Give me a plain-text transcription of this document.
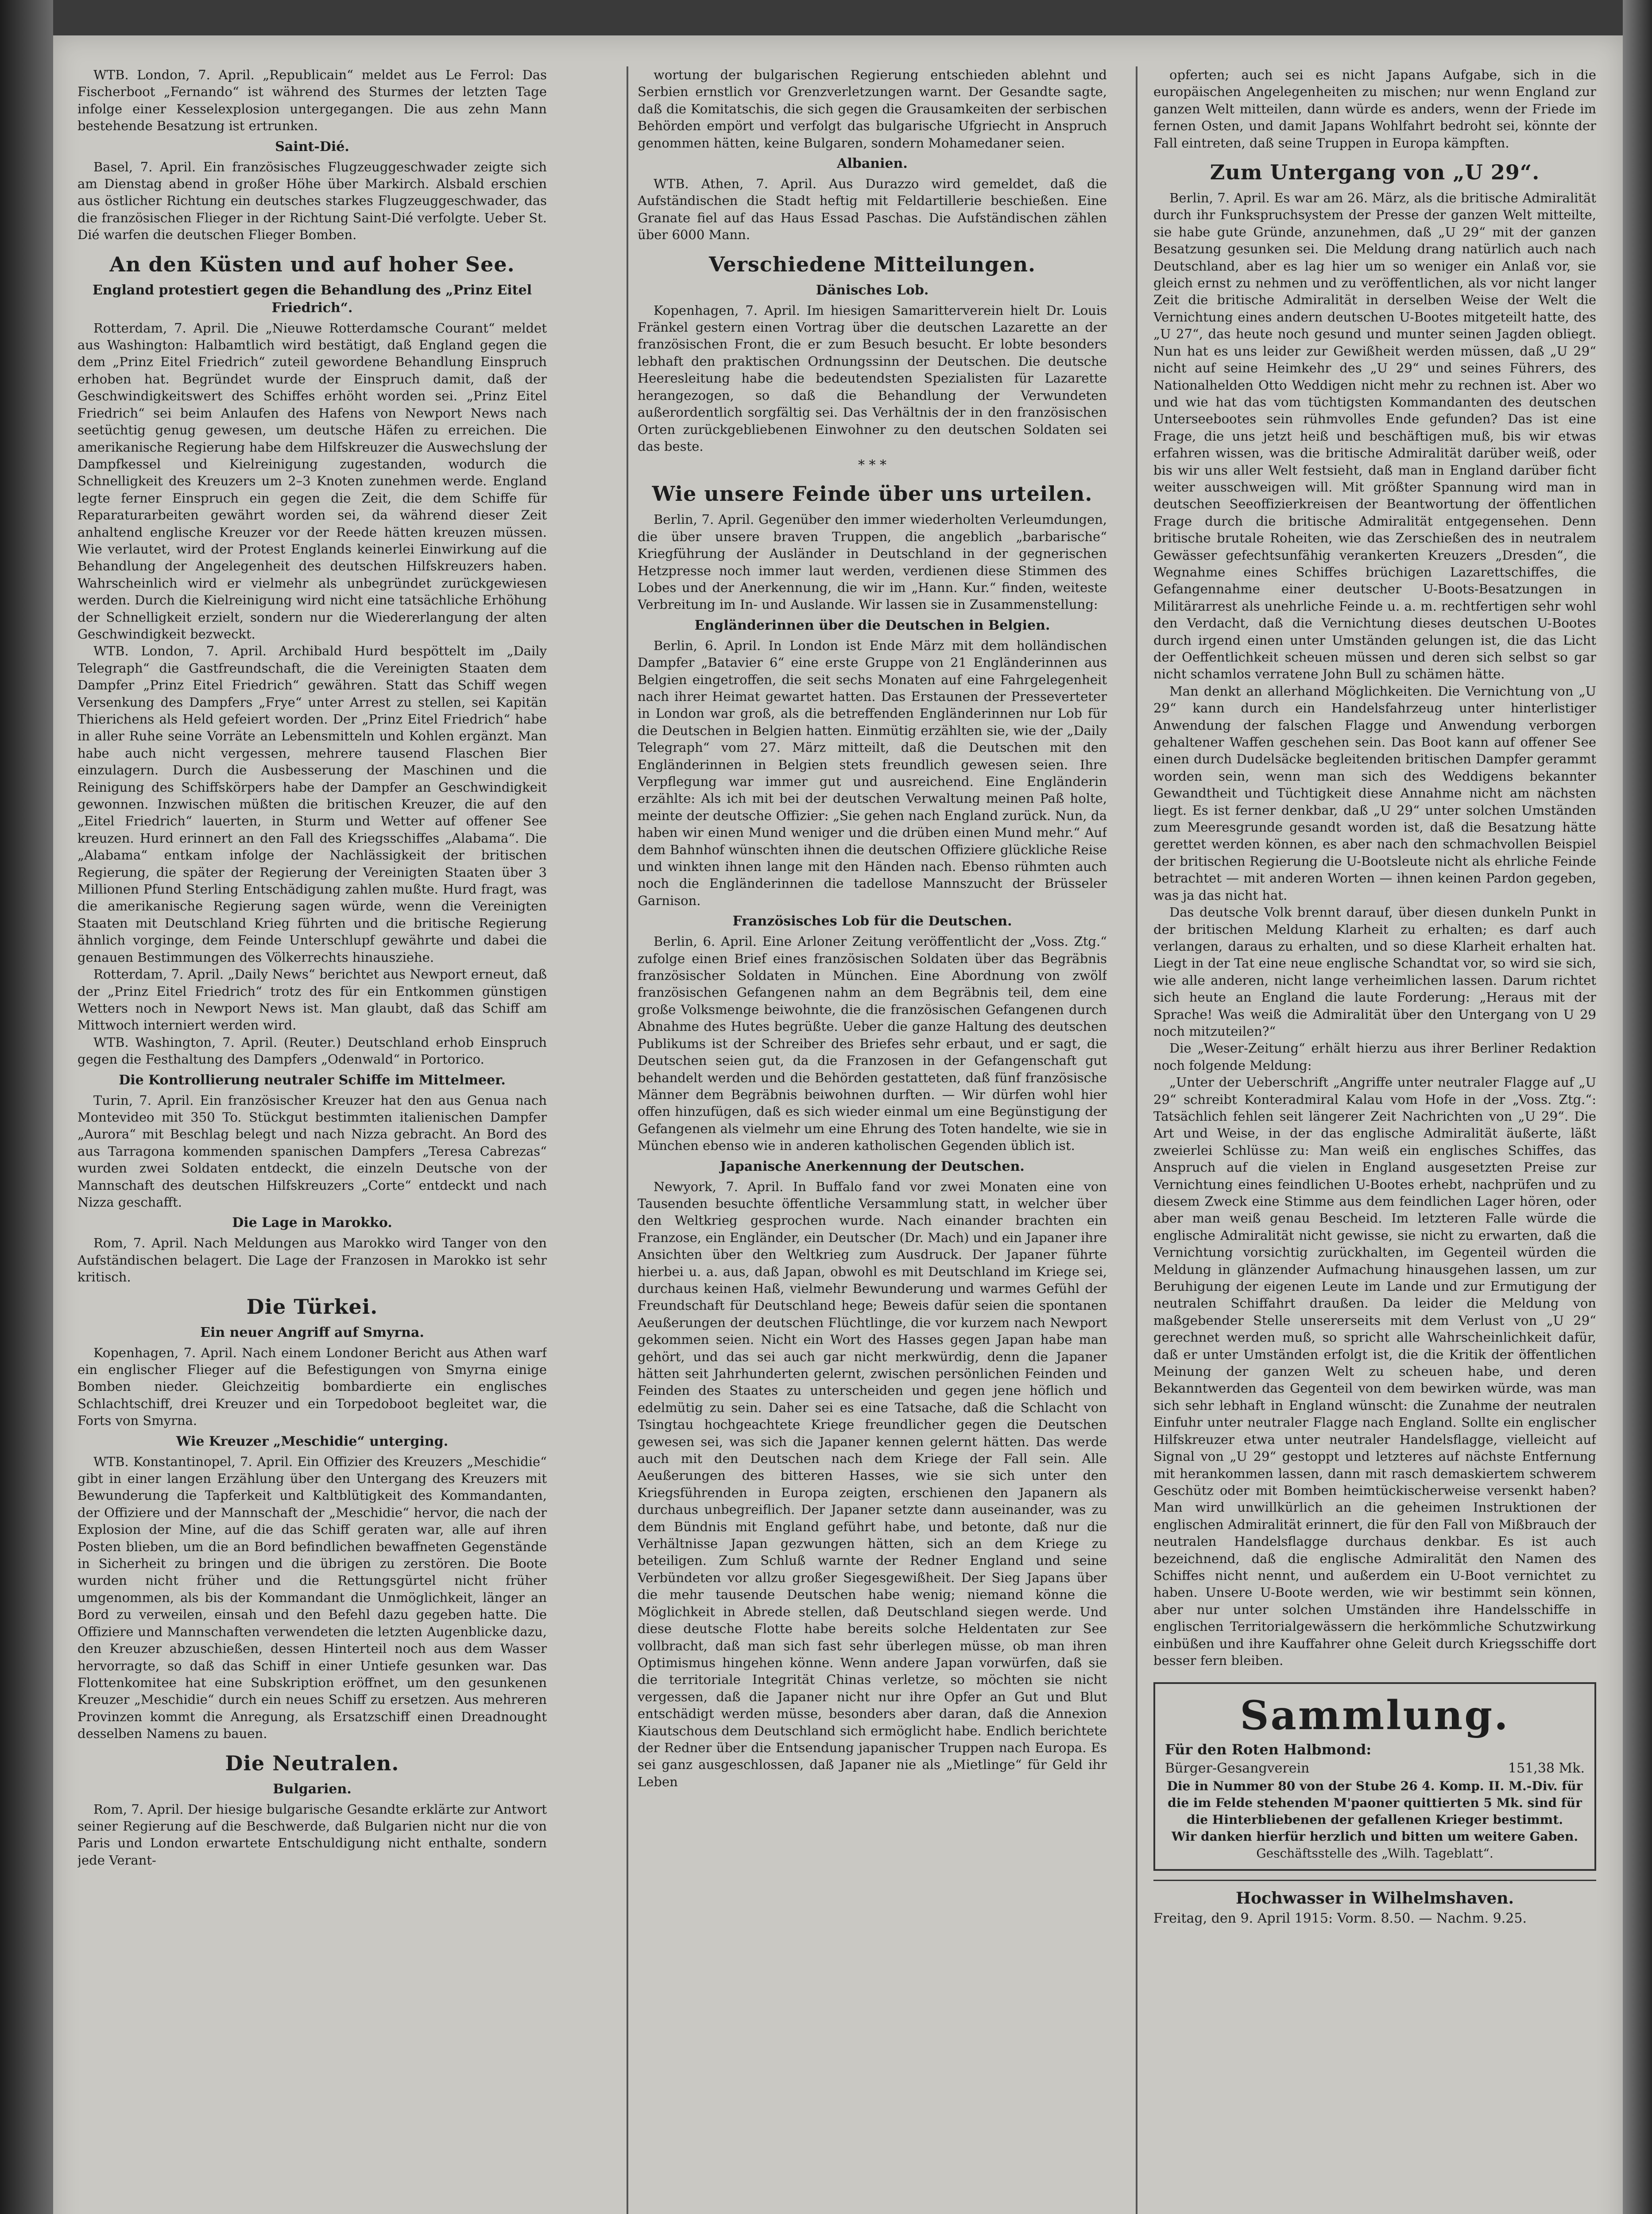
WTB. London, 7. April. „Republicain“ meldet aus Le Ferrol: Das Fischerboot „Fernando“ ist während des Sturmes der letzten Tage infolge einer Kesselexplosion untergegangen. Die aus zehn Mann bestehende Besatzung ist ertrunken.
Saint-Dié.
Basel, 7. April. Ein französisches Flugzeuggeschwader zeigte sich am Dienstag abend in großer Höhe über Markirch. Alsbald erschien aus östlicher Richtung ein deutsches starkes Flugzeuggeschwader, das die französischen Flieger in der Richtung Saint-Dié verfolgte. Ueber St. Dié warfen die deutschen Flieger Bomben.
An den Küsten und auf hoher See.
England protestiert gegen die Behandlung des „Prinz Eitel Friedrich“.
Rotterdam, 7. April. Die „Nieuwe Rotterdamsche Courant“ meldet aus Washington: Halbamtlich wird bestätigt, daß England gegen die dem „Prinz Eitel Friedrich“ zuteil gewordene Behandlung Einspruch erhoben hat. Begründet wurde der Einspruch damit, daß der Geschwindigkeitswert des Schiffes erhöht worden sei. „Prinz Eitel Friedrich“ sei beim Anlaufen des Hafens von Newport News nach seetüchtig genug gewesen, um deutsche Häfen zu erreichen. Die amerikanische Regierung habe dem Hilfskreuzer die Auswechslung der Dampfkessel und Kielreinigung zugestanden, wodurch die Schnelligkeit des Kreuzers um 2–3 Knoten zunehmen werde. England legte ferner Einspruch ein gegen die Zeit, die dem Schiffe für Reparaturarbeiten gewährt worden sei, da während dieser Zeit anhaltend englische Kreuzer vor der Reede hätten kreuzen müssen. Wie verlautet, wird der Protest Englands keinerlei Einwirkung auf die Behandlung der Angelegenheit des deutschen Hilfskreuzers haben. Wahrscheinlich wird er vielmehr als unbegründet zurückgewiesen werden. Durch die Kielreinigung wird nicht eine tatsächliche Erhöhung der Schnelligkeit erzielt, sondern nur die Wiedererlangung der alten Geschwindigkeit bezweckt.
WTB. London, 7. April. Archibald Hurd bespöttelt im „Daily Telegraph“ die Gastfreundschaft, die die Vereinigten Staaten dem Dampfer „Prinz Eitel Friedrich“ gewähren. Statt das Schiff wegen Versenkung des Dampfers „Frye“ unter Arrest zu stellen, sei Kapitän Thierichens als Held gefeiert worden. Der „Prinz Eitel Friedrich“ habe in aller Ruhe seine Vorräte an Lebensmitteln und Kohlen ergänzt. Man habe auch nicht vergessen, mehrere tausend Flaschen Bier einzulagern. Durch die Ausbesserung der Maschinen und die Reinigung des Schiffskörpers habe der Dampfer an Geschwindigkeit gewonnen. Inzwischen müßten die britischen Kreuzer, die auf den „Eitel Friedrich“ lauerten, in Sturm und Wetter auf offener See kreuzen. Hurd erinnert an den Fall des Kriegsschiffes „Alabama“. Die „Alabama“ entkam infolge der Nachlässigkeit der britischen Regierung, die später der Regierung der Vereinigten Staaten über 3 Millionen Pfund Sterling Entschädigung zahlen mußte. Hurd fragt, was die amerikanische Regierung sagen würde, wenn die Vereinigten Staaten mit Deutschland Krieg führten und die britische Regierung ähnlich vorginge, dem Feinde Unterschlupf gewährte und dabei die genauen Bestimmungen des Völkerrechts hinausziehe.
Rotterdam, 7. April. „Daily News“ berichtet aus Newport erneut, daß der „Prinz Eitel Friedrich“ trotz des für ein Entkommen günstigen Wetters noch in Newport News ist. Man glaubt, daß das Schiff am Mittwoch interniert werden wird.
WTB. Washington, 7. April. (Reuter.) Deutschland erhob Einspruch gegen die Festhaltung des Dampfers „Odenwald“ in Portorico.
Die Kontrollierung neutraler Schiffe im Mittelmeer.
Turin, 7. April. Ein französischer Kreuzer hat den aus Genua nach Montevideo mit 350 To. Stückgut bestimmten italienischen Dampfer „Aurora“ mit Beschlag belegt und nach Nizza gebracht. An Bord des aus Tarragona kommenden spanischen Dampfers „Teresa Cabrezas“ wurden zwei Soldaten entdeckt, die einzeln Deutsche von der Mannschaft des deutschen Hilfskreuzers „Corte“ entdeckt und nach Nizza geschafft.
Die Lage in Marokko.
Rom, 7. April. Nach Meldungen aus Marokko wird Tanger von den Aufständischen belagert. Die Lage der Franzosen in Marokko ist sehr kritisch.
Die Türkei.
Ein neuer Angriff auf Smyrna.
Kopenhagen, 7. April. Nach einem Londoner Bericht aus Athen warf ein englischer Flieger auf die Befestigungen von Smyrna einige Bomben nieder. Gleichzeitig bombardierte ein englisches Schlachtschiff, drei Kreuzer und ein Torpedoboot begleitet war, die Forts von Smyrna.
Wie Kreuzer „Meschidie“ unterging.
WTB. Konstantinopel, 7. April. Ein Offizier des Kreuzers „Meschidie“ gibt in einer langen Erzählung über den Untergang des Kreuzers mit Bewunderung die Tapferkeit und Kaltblütigkeit des Kommandanten, der Offiziere und der Mannschaft der „Meschidie“ hervor, die nach der Explosion der Mine, auf die das Schiff geraten war, alle auf ihren Posten blieben, um die an Bord befindlichen bewaffneten Gegenstände in Sicherheit zu bringen und die übrigen zu zerstören. Die Boote wurden nicht früher und die Rettungsgürtel nicht früher umgenommen, als bis der Kommandant die Unmöglichkeit, länger an Bord zu verweilen, einsah und den Befehl dazu gegeben hatte. Die Offiziere und Mannschaften verwendeten die letzten Augenblicke dazu, den Kreuzer abzuschießen, dessen Hinterteil noch aus dem Wasser hervorragte, so daß das Schiff in einer Untiefe gesunken war. Das Flottenkomitee hat eine Subskription eröffnet, um den gesunkenen Kreuzer „Meschidie“ durch ein neues Schiff zu ersetzen. Aus mehreren Provinzen kommt die Anregung, als Ersatzschiff einen Dreadnought desselben Namens zu bauen.
Die Neutralen.
Bulgarien.
Rom, 7. April. Der hiesige bulgarische Gesandte erklärte zur Antwort seiner Regierung auf die Beschwerde, daß Bulgarien nicht nur die von Paris und London erwartete Entschuldigung nicht enthalte, sondern jede Verant-
wortung der bulgarischen Regierung entschieden ablehnt und Serbien ernstlich vor Grenzverletzungen warnt. Der Gesandte sagte, daß die Komitatschis, die sich gegen die Grausamkeiten der serbischen Behörden empört und verfolgt das bulgarische Ufgriecht in Anspruch genommen hätten, keine Bulgaren, sondern Mohamedaner seien.
Albanien.
WTB. Athen, 7. April. Aus Durazzo wird gemeldet, daß die Aufständischen die Stadt heftig mit Feldartillerie beschießen. Eine Granate fiel auf das Haus Essad Paschas. Die Aufständischen zählen über 6000 Mann.
Verschiedene Mitteilungen.
Dänisches Lob.
Kopenhagen, 7. April. Im hiesigen Samaritterverein hielt Dr. Louis Fränkel gestern einen Vortrag über die deutschen Lazarette an der französischen Front, die er zum Besuch besucht. Er lobte besonders lebhaft den praktischen Ordnungssinn der Deutschen. Die deutsche Heeresleitung habe die bedeutendsten Spezialisten für Lazarette herangezogen, so daß die Behandlung der Verwundeten außerordentlich sorgfältig sei. Das Verhältnis der in den französischen Orten zurückgebliebenen Einwohner zu den deutschen Soldaten sei das beste.
* * *
Wie unsere Feinde über uns urteilen.
Berlin, 7. April. Gegenüber den immer wiederholten Verleumdungen, die über unsere braven Truppen, die angeblich „barbarische“ Kriegführung der Ausländer in Deutschland in der gegnerischen Hetzpresse noch immer laut werden, verdienen diese Stimmen des Lobes und der Anerkennung, die wir im „Hann. Kur.“ finden, weiteste Verbreitung im In- und Auslande. Wir lassen sie in Zusammenstellung:
Engländerinnen über die Deutschen in Belgien.
Berlin, 6. April. In London ist Ende März mit dem holländischen Dampfer „Batavier 6“ eine erste Gruppe von 21 Engländerinnen aus Belgien eingetroffen, die seit sechs Monaten auf eine Fahrgelegenheit nach ihrer Heimat gewartet hatten. Das Erstaunen der Presseverteter in London war groß, als die betreffenden Engländerinnen nur Lob für die Deutschen in Belgien hatten. Einmütig erzählten sie, wie der „Daily Telegraph“ vom 27. März mitteilt, daß die Deutschen mit den Engländerinnen in Belgien stets freundlich gewesen seien. Ihre Verpflegung war immer gut und ausreichend. Eine Engländerin erzählte: Als ich mit bei der deutschen Verwaltung meinen Paß holte, meinte der deutsche Offizier: „Sie gehen nach England zurück. Nun, da haben wir einen Mund weniger und die drüben einen Mund mehr.“ Auf dem Bahnhof wünschten ihnen die deutschen Offiziere glückliche Reise und winkten ihnen lange mit den Händen nach. Ebenso rühmten auch noch die Engländerinnen die tadellose Mannszucht der Brüsseler Garnison.
Französisches Lob für die Deutschen.
Berlin, 6. April. Eine Arloner Zeitung veröffentlicht der „Voss. Ztg.“ zufolge einen Brief eines französischen Soldaten über das Begräbnis französischer Soldaten in München. Eine Abordnung von zwölf französischen Gefangenen nahm an dem Begräbnis teil, dem eine große Volksmenge beiwohnte, die die französischen Gefangenen durch Abnahme des Hutes begrüßte. Ueber die ganze Haltung des deutschen Publikums ist der Schreiber des Briefes sehr erbaut, und er sagt, die Deutschen seien gut, da die Franzosen in der Gefangenschaft gut behandelt werden und die Behörden gestatteten, daß fünf französische Männer dem Begräbnis beiwohnen durften. — Wir dürfen wohl hier offen hinzufügen, daß es sich wieder einmal um eine Begünstigung der Gefangenen als vielmehr um eine Ehrung des Toten handelte, wie sie in München ebenso wie in anderen katholischen Gegenden üblich ist.
Japanische Anerkennung der Deutschen.
Newyork, 7. April. In Buffalo fand vor zwei Monaten eine von Tausenden besuchte öffentliche Versammlung statt, in welcher über den Weltkrieg gesprochen wurde. Nach einander brachten ein Franzose, ein Engländer, ein Deutscher (Dr. Mach) und ein Japaner ihre Ansichten über den Weltkrieg zum Ausdruck. Der Japaner führte hierbei u. a. aus, daß Japan, obwohl es mit Deutschland im Kriege sei, durchaus keinen Haß, vielmehr Bewunderung und warmes Gefühl der Freundschaft für Deutschland hege; Beweis dafür seien die spontanen Aeußerungen der deutschen Flüchtlinge, die vor kurzem nach Newport gekommen seien. Nicht ein Wort des Hasses gegen Japan habe man gehört, und das sei auch gar nicht merkwürdig, denn die Japaner hätten seit Jahrhunderten gelernt, zwischen persönlichen Feinden und Feinden des Staates zu unterscheiden und gegen jene höflich und edelmütig zu sein. Daher sei es eine Tatsache, daß die Schlacht von Tsingtau hochgeachtete Kriege freundlicher gegen die Deutschen gewesen sei, was sich die Japaner kennen gelernt hätten. Das werde auch mit den Deutschen nach dem Kriege der Fall sein. Alle Aeußerungen des bitteren Hasses, wie sie sich unter den Kriegsführenden in Europa zeigten, erschienen den Japanern als durchaus unbegreiflich. Der Japaner setzte dann auseinander, was zu dem Bündnis mit England geführt habe, und betonte, daß nur die Verhältnisse Japan gezwungen hätten, sich an dem Kriege zu beteiligen. Zum Schluß warnte der Redner England und seine Verbündeten vor allzu großer Siegesgewißheit. Der Sieg Japans über die mehr tausende Deutschen habe wenig; niemand könne die Möglichkeit in Abrede stellen, daß Deutschland siegen werde. Und diese deutsche Flotte habe bereits solche Heldentaten zur See vollbracht, daß man sich fast sehr überlegen müsse, ob man ihren Optimismus hingehen könne. Wenn andere Japan vorwürfen, daß sie die territoriale Integrität Chinas verletze, so möchten sie nicht vergessen, daß die Japaner nicht nur ihre Opfer an Gut und Blut entschädigt werden müsse, besonders aber daran, daß die Annexion Kiautschous dem Deutschland sich ermöglicht habe. Endlich berichtete der Redner über die Entsendung japanischer Truppen nach Europa. Es sei ganz ausgeschlossen, daß Japaner nie als „Mietlinge“ für Geld ihr Leben
opferten; auch sei es nicht Japans Aufgabe, sich in die europäischen Angelegenheiten zu mischen; nur wenn England zur ganzen Welt mitteilen, dann würde es anders, wenn der Friede im fernen Osten, und damit Japans Wohlfahrt bedroht sei, könnte der Fall eintreten, daß seine Truppen in Europa kämpften.
Zum Untergang von „U 29“.
Berlin, 7. April. Es war am 26. März, als die britische Admiralität durch ihr Funkspruchsystem der Presse der ganzen Welt mitteilte, sie habe gute Gründe, anzunehmen, daß „U 29“ mit der ganzen Besatzung gesunken sei. Die Meldung drang natürlich auch nach Deutschland, aber es lag hier um so weniger ein Anlaß vor, sie gleich ernst zu nehmen und zu veröffentlichen, als vor nicht langer Zeit die britische Admiralität in derselben Weise der Welt die Vernichtung eines andern deutschen U-Bootes mitgeteilt hatte, des „U 27“, das heute noch gesund und munter seinen Jagden obliegt. Nun hat es uns leider zur Gewißheit werden müssen, daß „U 29“ nicht auf seine Heimkehr des „U 29“ und seines Führers, des Nationalhelden Otto Weddigen nicht mehr zu rechnen ist. Aber wo und wie hat das vom tüchtigsten Kommandanten des deutschen Unterseebootes sein rühmvolles Ende gefunden? Das ist eine Frage, die uns jetzt heiß und beschäftigen muß, bis wir etwas erfahren wissen, was die britische Admiralität darüber weiß, oder bis wir uns aller Welt festsieht, daß man in England darüber ficht weiter ausschweigen will. Mit größter Spannung wird man in deutschen Seeoffizierkreisen der Beantwortung der öffentlichen Frage durch die britische Admiralität entgegensehen. Denn britische brutale Roheiten, wie das Zerschießen des in neutralem Gewässer gefechtsunfähig verankerten Kreuzers „Dresden“, die Wegnahme eines Schiffes brüchigen Lazarettschiffes, die Gefangennahme einer deutscher U-Boots-Besatzungen in Militärarrest als unehrliche Feinde u. a. m. rechtfertigen sehr wohl den Verdacht, daß die Vernichtung dieses deutschen U-Bootes durch irgend einen unter Umständen gelungen ist, die das Licht der Oeffentlichkeit scheuen müssen und deren sich selbst so gar nicht schamlos verratene John Bull zu schämen hätte.
Man denkt an allerhand Möglichkeiten. Die Vernichtung von „U 29“ kann durch ein Handelsfahrzeug unter hinterlistiger Anwendung der falschen Flagge und Anwendung verborgen gehaltener Waffen geschehen sein. Das Boot kann auf offener See einen durch Dudelsäcke begleitenden britischen Dampfer gerammt worden sein, wenn man sich des Weddigens bekannter Gewandtheit und Tüchtigkeit diese Annahme nicht am nächsten liegt. Es ist ferner denkbar, daß „U 29“ unter solchen Umständen zum Meeresgrunde gesandt worden ist, daß die Besatzung hätte gerettet werden können, es aber nach den schmachvollen Beispiel der britischen Regierung die U-Bootsleute nicht als ehrliche Feinde betrachtet — mit anderen Worten — ihnen keinen Pardon gegeben, was ja das nicht hat.
Das deutsche Volk brennt darauf, über diesen dunkeln Punkt in der britischen Meldung Klarheit zu erhalten; es darf auch verlangen, daraus zu erhalten, und so diese Klarheit erhalten hat. Liegt in der Tat eine neue englische Schandtat vor, so wird sie sich, wie alle anderen, nicht lange verheimlichen lassen. Darum richtet sich heute an England die laute Forderung: „Heraus mit der Sprache! Was weiß die Admiralität über den Untergang von U 29 noch mitzuteilen?“
Die „Weser-Zeitung“ erhält hierzu aus ihrer Berliner Redaktion noch folgende Meldung:
„Unter der Ueberschrift „Angriffe unter neutraler Flagge auf „U 29“ schreibt Konteradmiral Kalau vom Hofe in der „Voss. Ztg.“: Tatsächlich fehlen seit längerer Zeit Nachrichten von „U 29“. Die Art und Weise, in der das englische Admiralität äußerte, läßt zweierlei Schlüsse zu: Man weiß ein englisches Schiffes, das Anspruch auf die vielen in England ausgesetzten Preise zur Vernichtung eines feindlichen U-Bootes erhebt, nachprüfen und zu diesem Zweck eine Stimme aus dem feindlichen Lager hören, oder aber man weiß genau Bescheid. Im letzteren Falle würde die englische Admiralität nicht gewisse, sie nicht zu erwarten, daß die Vernichtung vorsichtig zurückhalten, im Gegenteil würden die Meldung in glänzender Aufmachung hinausgehen lassen, um zur Beruhigung der eigenen Leute im Lande und zur Ermutigung der neutralen Schiffahrt draußen. Da leider die Meldung von maßgebender Stelle unsererseits mit dem Verlust von „U 29“ gerechnet werden muß, so spricht alle Wahrscheinlichkeit dafür, daß er unter Umständen erfolgt ist, die die Kritik der öffentlichen Meinung der ganzen Welt zu scheuen habe, und deren Bekanntwerden das Gegenteil von dem bewirken würde, was man sich sehr lebhaft in England wünscht: die Zunahme der neutralen Einfuhr unter neutraler Flagge nach England. Sollte ein englischer Hilfskreuzer etwa unter neutraler Handelsflagge, vielleicht auf Signal von „U 29“ gestoppt und letzteres auf nächste Entfernung mit herankommen lassen, dann mit rasch demaskiertem schwerem Geschütz oder mit Bomben heimtückischerweise versenkt haben? Man wird unwillkürlich an die geheimen Instruktionen der englischen Admiralität erinnert, die für den Fall von Mißbrauch der neutralen Handelsflagge durchaus denkbar. Es ist auch bezeichnend, daß die englische Admiralität den Namen des Schiffes nicht nennt, und außerdem ein U-Boot vernichtet zu haben. Unsere U-Boote werden, wie wir bestimmt sein können, aber nur unter solchen Umständen ihre Handelsschiffe in englischen Territorialgewässern die herkömmliche Schutzwirkung einbüßen und ihre Kauffahrer ohne Geleit durch Kriegsschiffe dort besser fern bleiben.
Sammlung.
Für den Roten Halbmond:
Bürger-Gesangverein	151,38 Mk.
Die in Nummer 80 von der Stube 26 4. Komp. II. M.-Div. für die im Felde stehenden M'paoner quittierten 5 Mk. sind für die Hinterbliebenen der gefallenen Krieger bestimmt.
Wir danken hierfür herzlich und bitten um weitere Gaben.
Geschäftsstelle des „Wilh. Tageblatt“.
Hochwasser in Wilhelmshaven.
Freitag, den 9. April 1915: Vorm. 8.50. — Nachm. 9.25.
